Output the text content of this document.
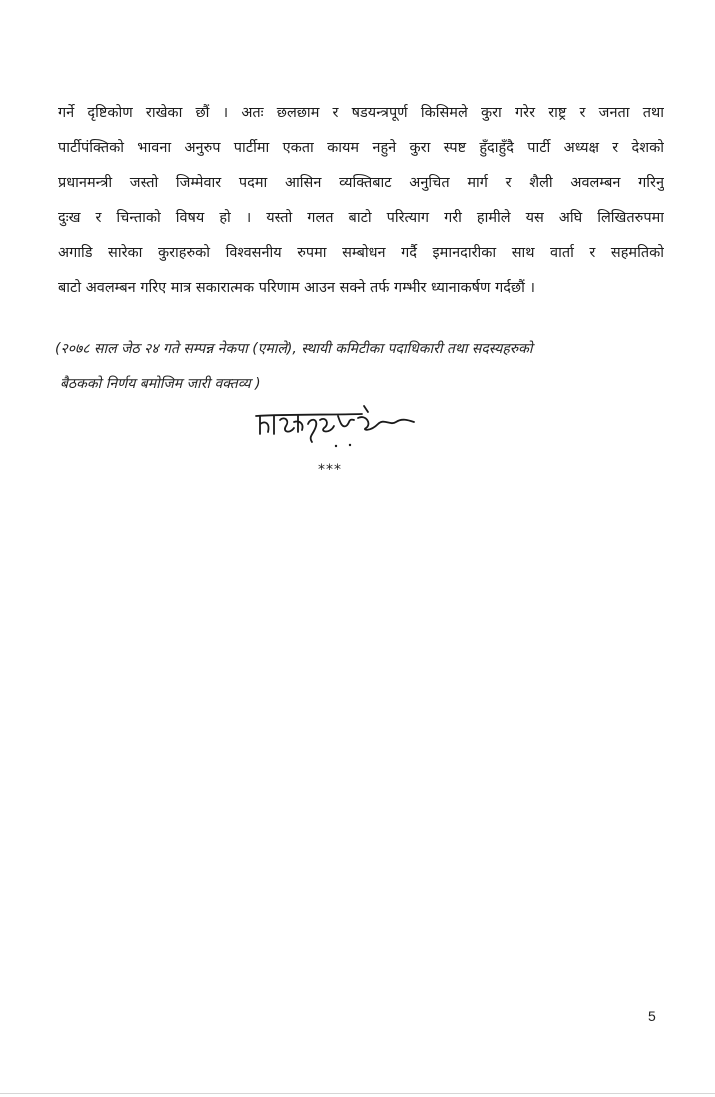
गर्ने दृष्टिकोण राखेका छौं । अतः छलछाम र षडयन्त्रपूर्ण किसिमले कुरा गरेर राष्ट्र र जनता तथा
पार्टीपंक्तिको भावना अनुरुप पार्टीमा एकता कायम नहुने कुरा स्पष्ट हुँदाहुँदै पार्टी अध्यक्ष र देशको
प्रधानमन्त्री जस्तो जिम्मेवार पदमा आसिन व्यक्तिबाट अनुचित मार्ग र शैली अवलम्बन गरिनु
दुःख र चिन्ताको विषय हो । यस्तो गलत बाटो परित्याग गरी हामीले यस अघि लिखितरुपमा
अगाडि सारेका कुराहरुको विश्वसनीय रुपमा सम्बोधन गर्दै इमानदारीका साथ वार्ता र सहमतिको
बाटो अवलम्बन गरिए मात्र सकारात्मक परिणाम आउन सक्ने तर्फ गम्भीर ध्यानाकर्षण गर्दछौं ।
(२०७८ साल जेठ २४ गते सम्पन्न नेकपा (एमाले), स्थायी कमिटीका पदाधिकारी तथा सदस्यहरुको
बैठकको निर्णय बमोजिम जारी वक्तव्य )
***
5
